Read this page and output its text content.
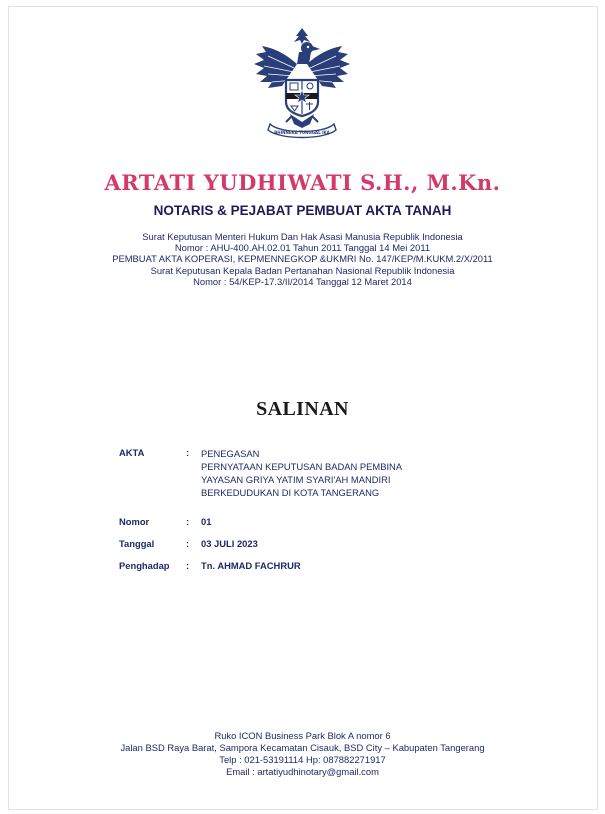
BHINNEKA TUNGGAL IKA
ARTATI YUDHIWATI S.H., M.Kn.
NOTARIS & PEJABAT PEMBUAT AKTA TANAH
Surat Keputusan Menteri Hukum Dan Hak Asasi Manusia Republik Indonesia
Nomor : AHU-400.AH.02.01 Tahun 2011 Tanggal 14 Mei 2011
PEMBUAT AKTA KOPERASI, KEPMENNEGKOP &UKMRI No. 147/KEP/M.KUKM.2/X/2011
Surat Keputusan Kepala Badan Pertanahan Nasional Republik Indonesia
Nomor : 54/KEP-17.3/II/2014 Tanggal 12 Maret 2014
SALINAN
AKTA	: PENEGASAN
PERNYATAAN KEPUTUSAN BADAN PEMBINA
YAYASAN GRIYA YATIM SYARI'AH MANDIRI
BERKEDUDUKAN DI KOTA TANGERANG
Nomor	: 01
Tanggal	: 03 JULI 2023
Penghadap : Tn. AHMAD FACHRUR
Ruko ICON Business Park Blok A nomor 6
Jalan BSD Raya Barat, Sampora Kecamatan Cisauk, BSD City – Kabupaten Tangerang
Telp : 021-53191114 Hp: 087882271917
Email : artatiyudhinotary@gmail.com
